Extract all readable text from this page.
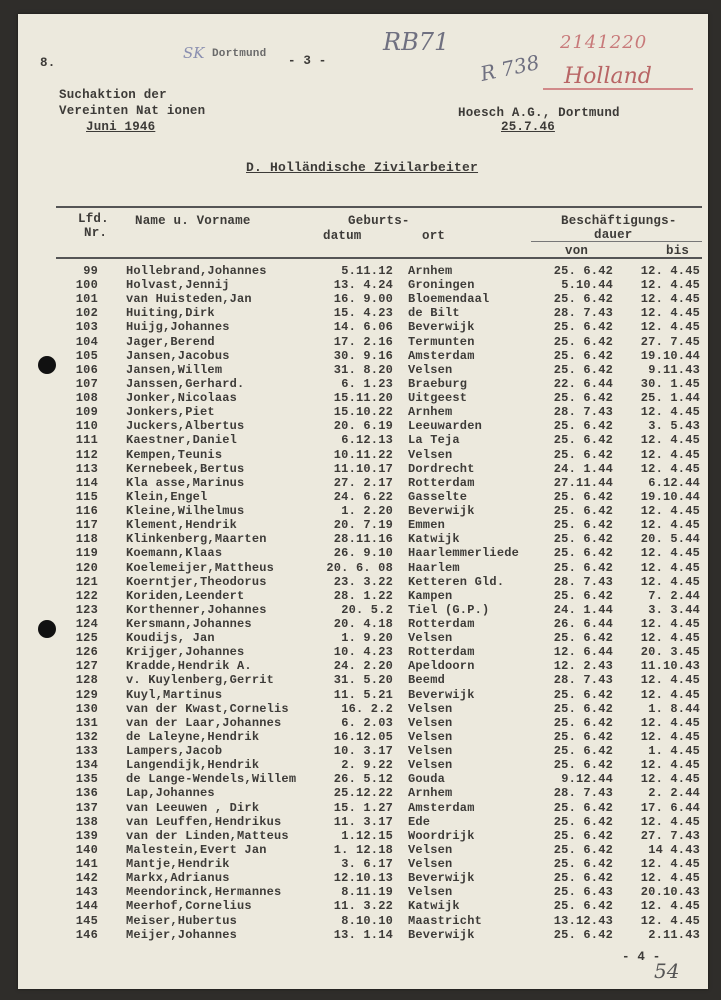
8.
SK Dortmund - 3 -
RB71
R 738
2141220
Holland
Suchaktion der
Vereinten Nat ionen
Juni 1946
Hoesch A.G., Dortmund
25.7.46
D. Holländische Zivilarbeiter
Lfd.
Nr.
Name u. Vorname	Geburts-
datum	ort
Beschäftigungs-
dauer
von	bis
99 Hollebrand,Johannes	5.11.12 Arnhem	25. 6.42	12. 4.45
100 Holvast,Jennij	13. 4.24 Groningen	5.10.44	12. 4.45
101 van Huisteden,Jan	16. 9.00 Bloemendaal	25. 6.42	12. 4.45
102 Huiting,Dirk	15. 4.23 de Bilt	28. 7.43	12. 4.45
103 Huijg,Johannes	14. 6.06 Beverwijk	25. 6.42	12. 4.45
104 Jager,Berend	17. 2.16 Termunten	25. 6.42	27. 7.45
105 Jansen,Jacobus	30. 9.16 Amsterdam	25. 6.42	19.10.44
106 Jansen,Willem	31. 8.20 Velsen	25. 6.42	9.11.43
107 Janssen,Gerhard.	6. 1.23 Braeburg	22. 6.44	30. 1.45
108 Jonker,Nicolaas	15.11.20 Uitgeest	25. 6.42	25. 1.44
109 Jonkers,Piet	15.10.22 Arnhem	28. 7.43	12. 4.45
110 Juckers,Albertus	20. 6.19 Leeuwarden	25. 6.42	3. 5.43
111 Kaestner,Daniel	6.12.13 La Teja	25. 6.42	12. 4.45
112 Kempen,Teunis	10.11.22 Velsen	25. 6.42	12. 4.45
113 Kernebeek,Bertus	11.10.17 Dordrecht	24. 1.44	12. 4.45
114 Kla asse,Marinus	27. 2.17 Rotterdam	27.11.44	6.12.44
115 Klein,Engel	24. 6.22 Gasselte	25. 6.42	19.10.44
116 Kleine,Wilhelmus	1. 2.20 Beverwijk	25. 6.42	12. 4.45
117 Klement,Hendrik	20. 7.19 Emmen	25. 6.42	12. 4.45
118 Klinkenberg,Maarten	28.11.16 Katwijk	25. 6.42	20. 5.44
119 Koemann,Klaas	26. 9.10 Haarlemmerliede	25. 6.42	12. 4.45
120 Koelemeijer,Mattheus	20. 6. 08 Haarlem	25. 6.42	12. 4.45
121 Koerntjer,Theodorus	23. 3.22 Ketteren Gld.	28. 7.43	12. 4.45
122 Koriden,Leendert	28. 1.22 Kampen	25. 6.42	7. 2.44
123 Korthenner,Johannes	20. 5.2 Tiel (G.P.)	24. 1.44	3. 3.44
124 Kersmann,Johannes	20. 4.18 Rotterdam	26. 6.44	12. 4.45
125 Koudijs, Jan	1. 9.20 Velsen	25. 6.42	12. 4.45
126 Krijger,Johannes	10. 4.23 Rotterdam	12. 6.44	20. 3.45
127 Kradde,Hendrik A.	24. 2.20 Apeldoorn	12. 2.43	11.10.43
128 v. Kuylenberg,Gerrit	31. 5.20 Beemd	28. 7.43	12. 4.45
129 Kuyl,Martinus	11. 5.21 Beverwijk	25. 6.42	12. 4.45
130 van der Kwast,Cornelis	16. 2.2 Velsen	25. 6.42	1. 8.44
131 van der Laar,Johannes	6. 2.03 Velsen	25. 6.42	12. 4.45
132 de Laleyne,Hendrik	16.12.05 Velsen	25. 6.42	12. 4.45
133 Lampers,Jacob	10. 3.17 Velsen	25. 6.42	1. 4.45
134 Langendijk,Hendrik	2. 9.22 Velsen	25. 6.42	12. 4.45
135 de Lange-Wendels,Willem	26. 5.12 Gouda	9.12.44	12. 4.45
136 Lap,Johannes	25.12.22 Arnhem	28. 7.43	2. 2.44
137 van Leeuwen , Dirk	15. 1.27 Amsterdam	25. 6.42	17. 6.44
138 van Leuffen,Hendrikus	11. 3.17 Ede	25. 6.42	12. 4.45
139 van der Linden,Matteus	1.12.15 Woordrijk	25. 6.42	27. 7.43
140 Malestein,Evert Jan	1. 12.18 Velsen	25. 6.42	14 4.43
141 Mantje,Hendrik	3. 6.17 Velsen	25. 6.42	12. 4.45
142 Markx,Adrianus	12.10.13 Beverwijk	25. 6.42	12. 4.45
143 Meendorinck,Hermannes	8.11.19 Velsen	25. 6.43	20.10.43
144 Meerhof,Cornelius	11. 3.22 Katwijk	25. 6.42	12. 4.45
145 Meiser,Hubertus	8.10.10 Maastricht	13.12.43	12. 4.45
146 Meijer,Johannes	13. 1.14 Beverwijk	25. 6.42	2.11.43
- 4 -
54
